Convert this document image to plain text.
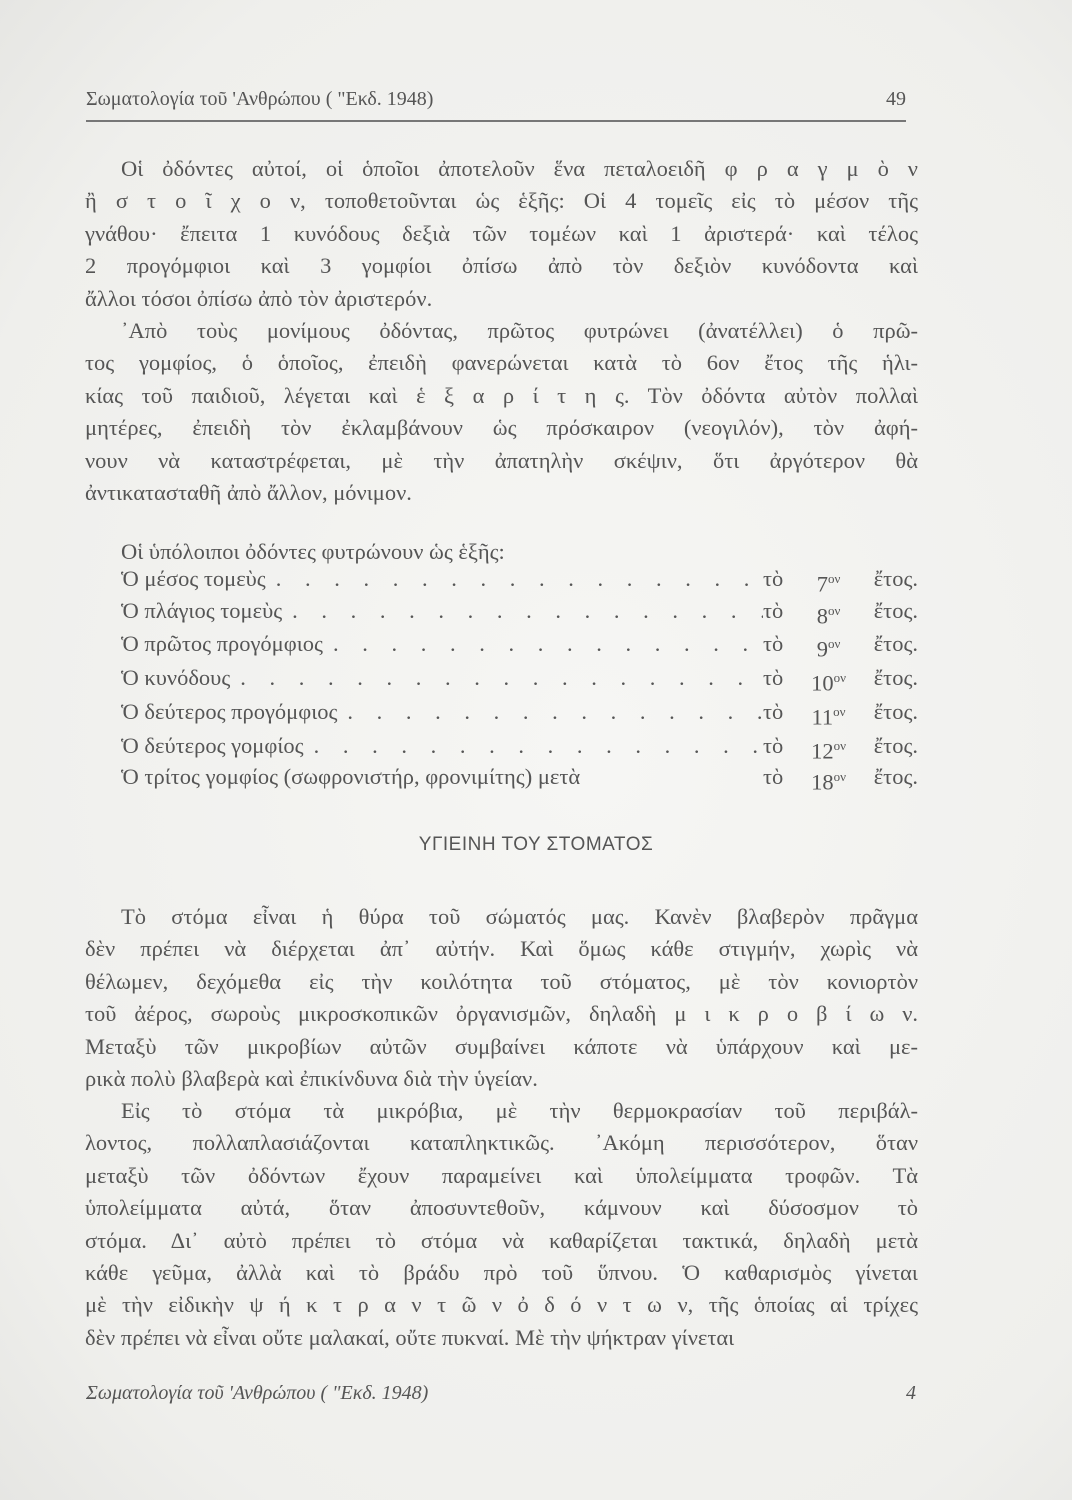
Σωματολογία τοῦ 'Ανθρώπου ( "Εκδ. 1948)	49
Οἱ ὀδόντες αὐτοί, οἱ ὁποῖοι ἀποτελοῦν ἕνα πεταλοειδῆ φ ρ α γ μ ὸ ν
ἢ σ τ ο ῖ χ ο ν, τοποθετοῦνται ὡς ἑξῆς: Οἱ 4 τομεῖς εἰς τὸ μέσον τῆς
γνάθου· ἔπειτα 1 κυνόδους δεξιὰ τῶν τομέων καὶ 1 ἀριστερά· καὶ τέλος
2 προγόμφιοι καὶ 3 γομφίοι ὀπίσω ἀπὸ τὸν δεξιὸν κυνόδοντα καὶ
ἄλλοι τόσοι ὀπίσω ἀπὸ τὸν ἀριστερόν.
᾿Απὸ τοὺς μονίμους ὀδόντας, πρῶτος φυτρώνει (ἀνατέλλει) ὁ πρῶ-
τος γομφίος, ὁ ὁποῖος, ἐπειδὴ φανερώνεται κατὰ τὸ 6ον ἔτος τῆς ἡλι-
κίας τοῦ παιδιοῦ, λέγεται καὶ ἑ ξ α ρ ί τ η ς. Τὸν ὀδόντα αὐτὸν πολλαὶ
μητέρες, ἐπειδὴ τὸν ἐκλαμβάνουν ὡς πρόσκαιρον (νεογιλόν), τὸν ἀφή-
νουν νὰ καταστρέφεται, μὲ τὴν ἀπατηλὴν σκέψιν, ὅτι ἀργότερον θὰ
ἀντικατασταθῆ ἀπὸ ἄλλον, μόνιμον.
Οἱ ὑπόλοιποι ὀδόντες φυτρώνουν ὡς ἑξῆς:
Ὁ μέσος τομεὺς . . .	τὸ $7^{o\nu}$ ἔτος.
Ὁ πλάγιος τομεὺς . . .	τὸ $8^{o\nu}$ ἔτος.
Ὁ πρῶτος προγόμφιος . . .	τὸ $9^{o\nu}$ ἔτος.
Ὁ κυνόδους . . .	τὸ $10^{o\nu}$ ἔτος.
Ὁ δεύτερος προγόμφιος . . .	τὸ $11^{o\nu}$ ἔτος.
Ὁ δεύτερος γομφίος . . .	τὸ $12^{o\nu}$ ἔτος.
Ὁ τρίτος γομφίος (σωφρονιστήρ, φρονιμίτης) μετὰ	τὸ $18^{o\nu}$ ἔτος.
Τὸ στόμα εἶναι ἡ θύρα τοῦ σώματός μας. Κανὲν βλαβερὸν πρᾶγμα
δὲν πρέπει νὰ διέρχεται ἀπ᾿ αὐτήν. Καὶ ὅμως κάθε στιγμήν, χωρὶς νὰ
θέλωμεν, δεχόμεθα εἰς τὴν κοιλότητα τοῦ στόματος, μὲ τὸν κονιορτὸν
τοῦ ἀέρος, σωροὺς μικροσκοπικῶν ὀργανισμῶν, δηλαδὴ μ ι κ ρ ο β ί ω ν.
Μεταξὺ τῶν μικροβίων αὐτῶν συμβαίνει κάποτε νὰ ὑπάρχουν καὶ με-
ρικὰ πολὺ βλαβερὰ καὶ ἐπικίνδυνα διὰ τὴν ὑγείαν.
Εἰς τὸ στόμα τὰ μικρόβια, μὲ τὴν θερμοκρασίαν τοῦ περιβάλ-
λοντος, πολλαπλασιάζονται καταπληκτικῶς. ᾿Ακόμη περισσότερον, ὅταν
μεταξὺ τῶν ὀδόντων ἔχουν παραμείνει καὶ ὑπολείμματα τροφῶν. Τὰ
ὑπολείμματα αὐτά, ὅταν ἀποσυντεθοῦν, κάμνουν καὶ δύσοσμον τὸ
στόμα. Δι᾿ αὐτὸ πρέπει τὸ στόμα νὰ καθαρίζεται τακτικά, δηλαδὴ μετὰ
κάθε γεῦμα, ἀλλὰ καὶ τὸ βράδυ πρὸ τοῦ ὕπνου. Ὁ καθαρισμὸς γίνεται
μὲ τὴν εἰδικὴν ψ ή κ τ ρ α ν τ ῶ ν ὀ δ ό ν τ ω ν, τῆς ὁποίας αἱ τρίχες
δὲν πρέπει νὰ εἶναι οὔτε μαλακαί, οὔτε πυκναί. Μὲ τὴν ψήκτραν γίνεται
ΥΓΙΕΙΝΗ ΤΟΥ ΣΤΟΜΑΤΟΣ
Σωματολογία τοῦ 'Ανθρώπου ( "Εκδ. 1948)	4
